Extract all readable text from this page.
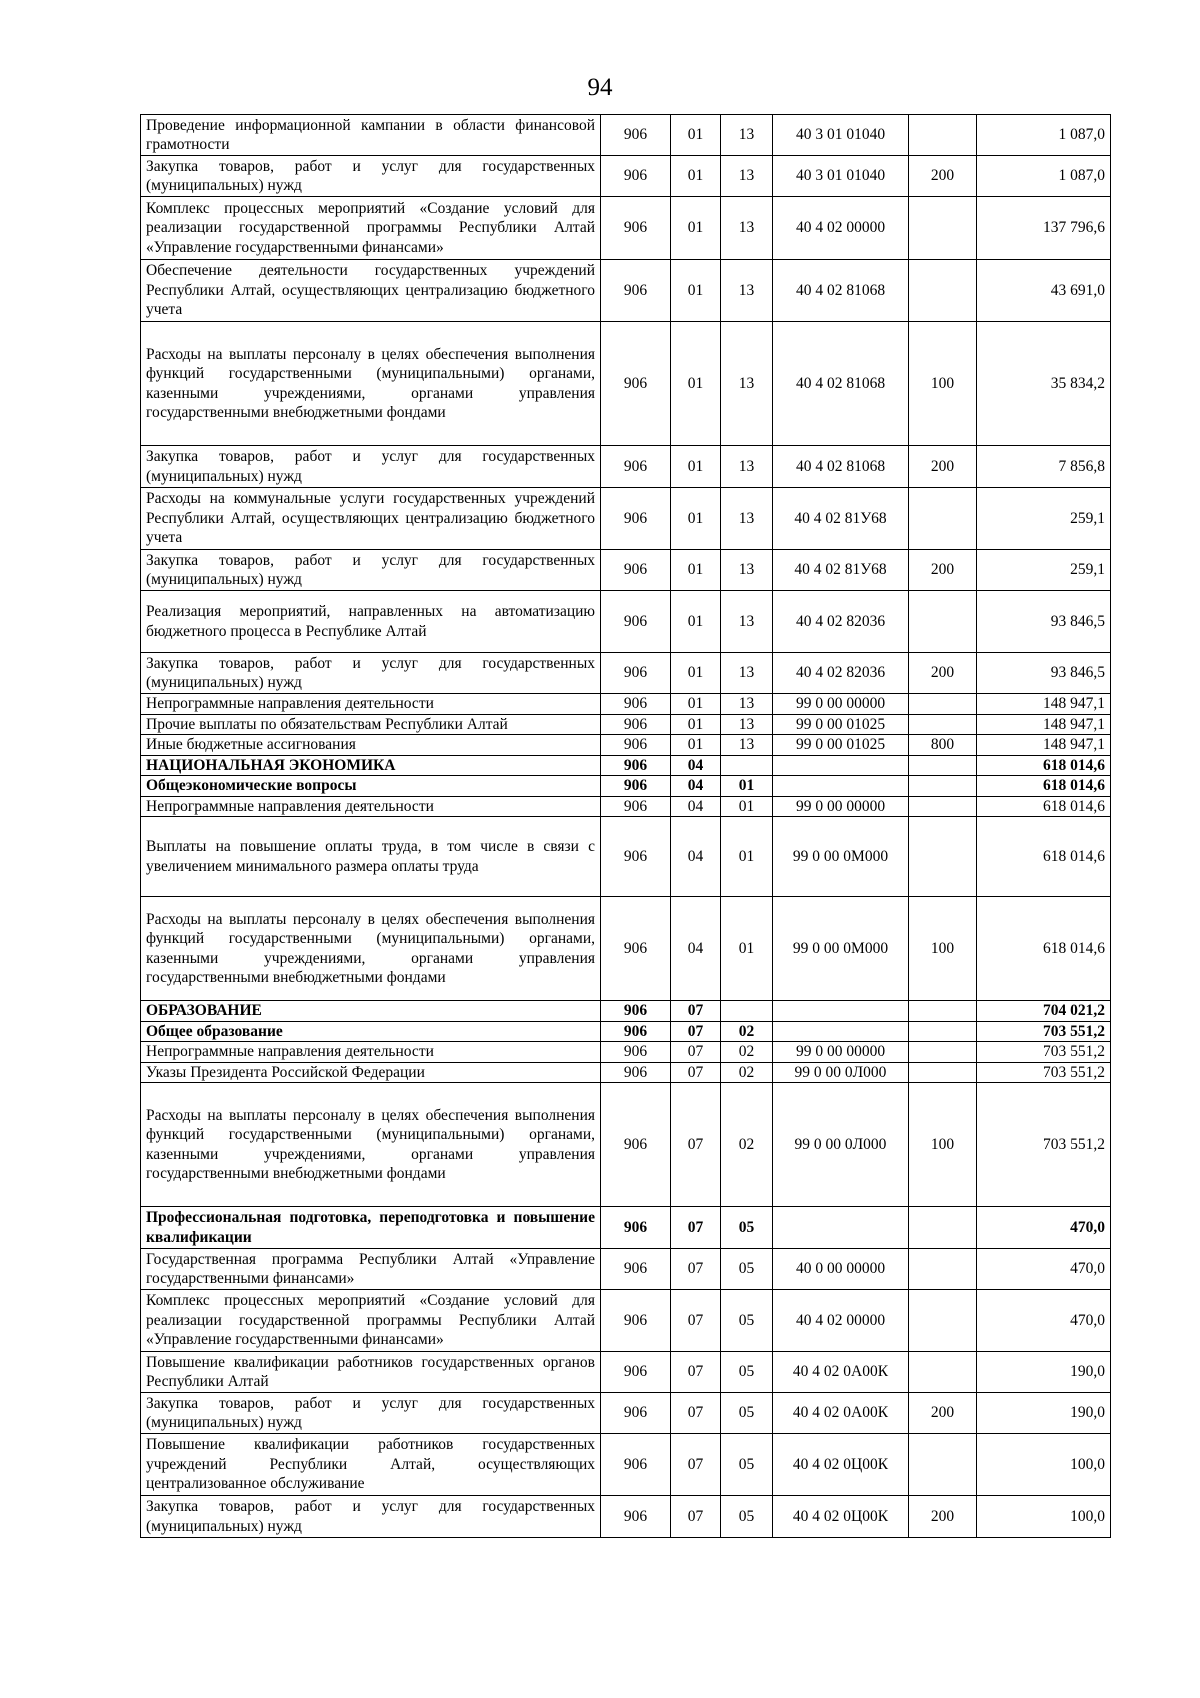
94
Проведение информационной кампании в области финансовой грамотности	906	01	13	40 3 01 01040		1 087,0
Закупка товаров, работ и услуг для государственных (муниципальных) нужд	906	01	13	40 3 01 01040	200	1 087,0
Комплекс процессных мероприятий «Создание условий для реализации государственной программы Республики Алтай «Управление государственными финансами»	906	01	13	40 4 02 00000		137 796,6
Обеспечение деятельности государственных учреждений Республики Алтай, осуществляющих централизацию бюджетного учета	906	01	13	40 4 02 81068		43 691,0
Расходы на выплаты персоналу в целях обеспечения выполнения функций государственными (муниципальными) органами, казенными учреждениями, органами управления государственными внебюджетными фондами	906	01	13	40 4 02 81068	100	35 834,2
Закупка товаров, работ и услуг для государственных (муниципальных) нужд	906	01	13	40 4 02 81068	200	7 856,8
Расходы на коммунальные услуги государственных учреждений Республики Алтай, осуществляющих централизацию бюджетного учета	906	01	13	40 4 02 81У68		259,1
Закупка товаров, работ и услуг для государственных (муниципальных) нужд	906	01	13	40 4 02 81У68	200	259,1
Реализация мероприятий, направленных на автоматизацию бюджетного процесса в Республике Алтай	906	01	13	40 4 02 82036		93 846,5
Закупка товаров, работ и услуг для государственных (муниципальных) нужд	906	01	13	40 4 02 82036	200	93 846,5
Непрограммные направления деятельности	906	01	13	99 0 00 00000		148 947,1
Прочие выплаты по обязательствам Республики Алтай	906	01	13	99 0 00 01025		148 947,1
Иные бюджетные ассигнования	906	01	13	99 0 00 01025	800	148 947,1
НАЦИОНАЛЬНАЯ ЭКОНОМИКА	906	04				618 014,6
Общеэкономические вопросы	906	04	01			618 014,6
Непрограммные направления деятельности	906	04	01	99 0 00 00000		618 014,6
Выплаты на повышение оплаты труда, в том числе в связи с увеличением минимального размера оплаты труда	906	04	01	99 0 00 0М000		618 014,6
Расходы на выплаты персоналу в целях обеспечения выполнения функций государственными (муниципальными) органами, казенными учреждениями, органами управления государственными внебюджетными фондами	906	04	01	99 0 00 0М000	100	618 014,6
ОБРАЗОВАНИЕ	906	07				704 021,2
Общее образование	906	07	02			703 551,2
Непрограммные направления деятельности	906	07	02	99 0 00 00000		703 551,2
Указы Президента Российской Федерации	906	07	02	99 0 00 0Л000		703 551,2
Расходы на выплаты персоналу в целях обеспечения выполнения функций государственными (муниципальными) органами, казенными учреждениями, органами управления государственными внебюджетными фондами	906	07	02	99 0 00 0Л000	100	703 551,2
Профессиональная подготовка, переподготовка и повышение квалификации	906	07	05			470,0
Государственная программа Республики Алтай «Управление государственными финансами»	906	07	05	40 0 00 00000		470,0
Комплекс процессных мероприятий «Создание условий для реализации государственной программы Республики Алтай «Управление государственными финансами»	906	07	05	40 4 02 00000		470,0
Повышение квалификации работников государственных органов Республики Алтай	906	07	05	40 4 02 0А00К		190,0
Закупка товаров, работ и услуг для государственных (муниципальных) нужд	906	07	05	40 4 02 0А00К	200	190,0
Повышение квалификации работников государственных учреждений Республики Алтай, осуществляющих централизованное обслуживание	906	07	05	40 4 02 0Ц00К		100,0
Закупка товаров, работ и услуг для государственных (муниципальных) нужд	906	07	05	40 4 02 0Ц00К	200	100,0
